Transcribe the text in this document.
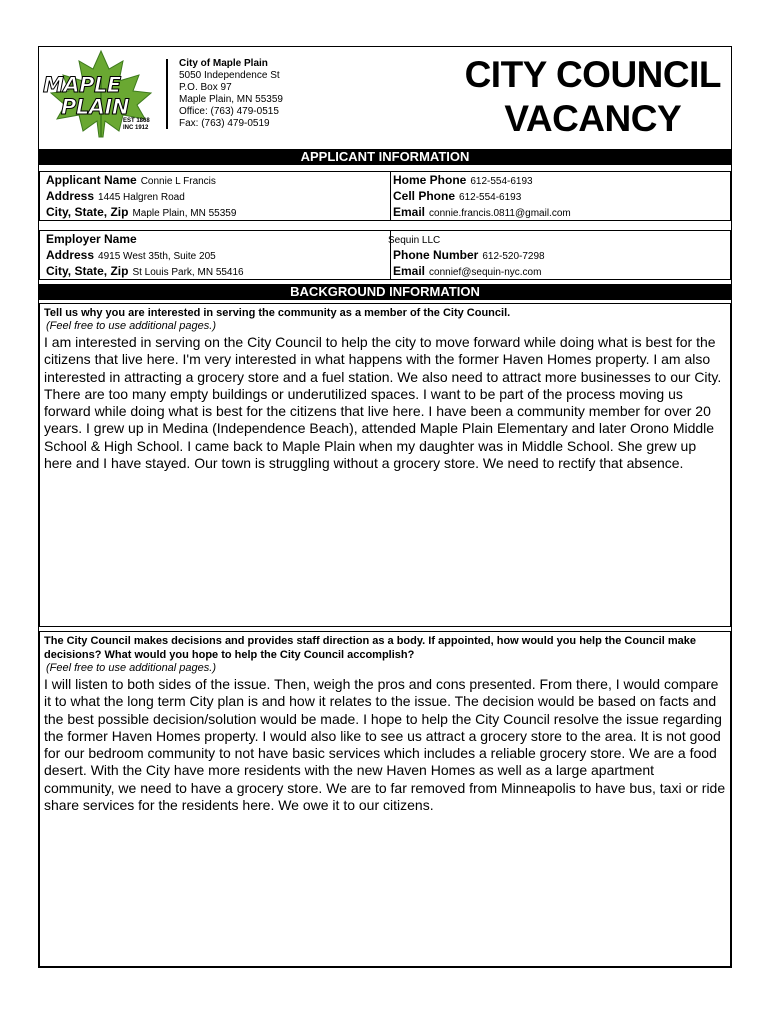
MAPLE
PLAIN
EST 1868
INC 1912
City of Maple Plain
5050 Independence St
P.O. Box 97
Maple Plain, MN 55359
Office: (763) 479-0515
Fax: (763) 479-0519
CITY COUNCIL
VACANCY
APPLICANT INFORMATION
Applicant Name Connie L Francis
Address 1445 Halgren Road
City, State, Zip Maple Plain, MN 55359
Home Phone 612-554-6193
Cell Phone 612-554-6193
Email connie.francis.0811@gmail.com
Employer Name
Address 4915 West 35th, Suite 205
City, State, Zip St Louis Park, MN 55416
Sequin LLC
Phone Number 612-520-7298
Email connief@sequin-nyc.com
BACKGROUND INFORMATION
Tell us why you are interested in serving the community as a member of the City Council.
(Feel free to use additional pages.)
I am interested in serving on the City Council to help the city to move forward while doing what is best for the citizens that live here. I'm very interested in what happens with the former Haven Homes property. I am also interested in attracting a grocery store and a fuel station. We also need to attract more businesses to our City. There are too many empty buildings or underutilized spaces. I want to be part of the process moving us forward while doing what is best for the citizens that live here. I have been a community member for over 20 years. I grew up in Medina (Independence Beach), attended Maple Plain Elementary and later Orono Middle School & High School. I came back to Maple Plain when my daughter was in Middle School. She grew up here and I have stayed. Our town is struggling without a grocery store. We need to rectify that absence.
The City Council makes decisions and provides staff direction as a body. If appointed, how would you help the Council make decisions? What would you hope to help the City Council accomplish?
(Feel free to use additional pages.)
I will listen to both sides of the issue. Then, weigh the pros and cons presented. From there, I would compare it to what the long term City plan is and how it relates to the issue. The decision would be based on facts and the best possible decision/solution would be made. I hope to help the City Council resolve the issue regarding the former Haven Homes property. I would also like to see us attract a grocery store to the area. It is not good for our bedroom community to not have basic services which includes a reliable grocery store. We are a food desert. With the City have more residents with the new Haven Homes as well as a large apartment community, we need to have a grocery store. We are to far removed from Minneapolis to have bus, taxi or ride share services for the residents here. We owe it to our citizens.
